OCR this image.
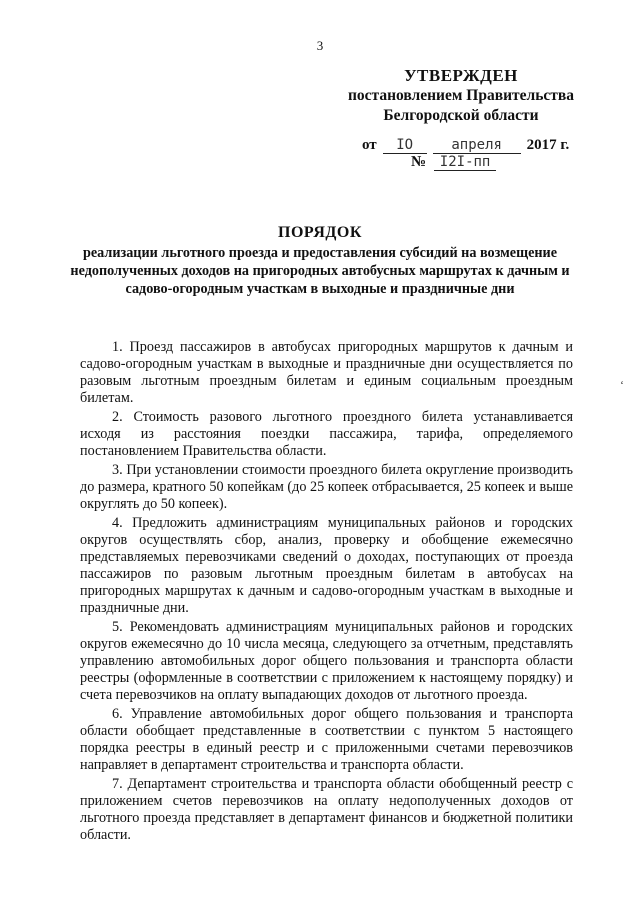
3
УТВЕРЖДЕН
постановлением Правительства
Белгородской области
от IO	апреля 2017 г.
№ I2I-пп
ПОРЯДОК
реализации льготного проезда и предоставления субсидий на возмещение недополученных доходов на пригородных автобусных маршрутах к дачным и садово-огородным участкам в выходные и праздничные дни

1. Проезд пассажиров в автобусах пригородных маршрутов к дачным и садово-огородным участкам в выходные и праздничные дни осуществляется по разовым льготным проездным билетам и единым социальным проездным билетам.

2. Стоимость разового льготного проездного билета устанавливается исходя из расстояния поездки пассажира, тарифа, определяемого постановлением Правительства области.

3. При установлении стоимости проездного билета округление производить до размера, кратного 50 копейкам (до 25 копеек отбрасывается, 25 копеек и выше округлять до 50 копеек).

4. Предложить администрациям муниципальных районов и городских округов осуществлять сбор, анализ, проверку и обобщение ежемесячно представляемых перевозчиками сведений о доходах, поступающих от проезда пассажиров по разовым льготным проездным билетам в автобусах на пригородных маршрутах к дачным и садово-огородным участкам в выходные и праздничные дни.

5. Рекомендовать администрациям муниципальных районов и городских округов ежемесячно до 10 числа месяца, следующего за отчетным, представлять управлению автомобильных дорог общего пользования и транспорта области реестры (оформленные в соответствии с приложением к настоящему порядку) и счета перевозчиков на оплату выпадающих доходов от льготного проезда.

6. Управление автомобильных дорог общего пользования и транспорта области обобщает представленные в соответствии с пунктом 5 настоящего порядка реестры в единый реестр и с приложенными счетами перевозчиков направляет в департамент строительства и транспорта области.

7. Департамент строительства и транспорта области обобщенный реестр с приложением счетов перевозчиков на оплату недополученных доходов от льготного проезда представляет в департамент финансов и бюджетной политики области.

‘
